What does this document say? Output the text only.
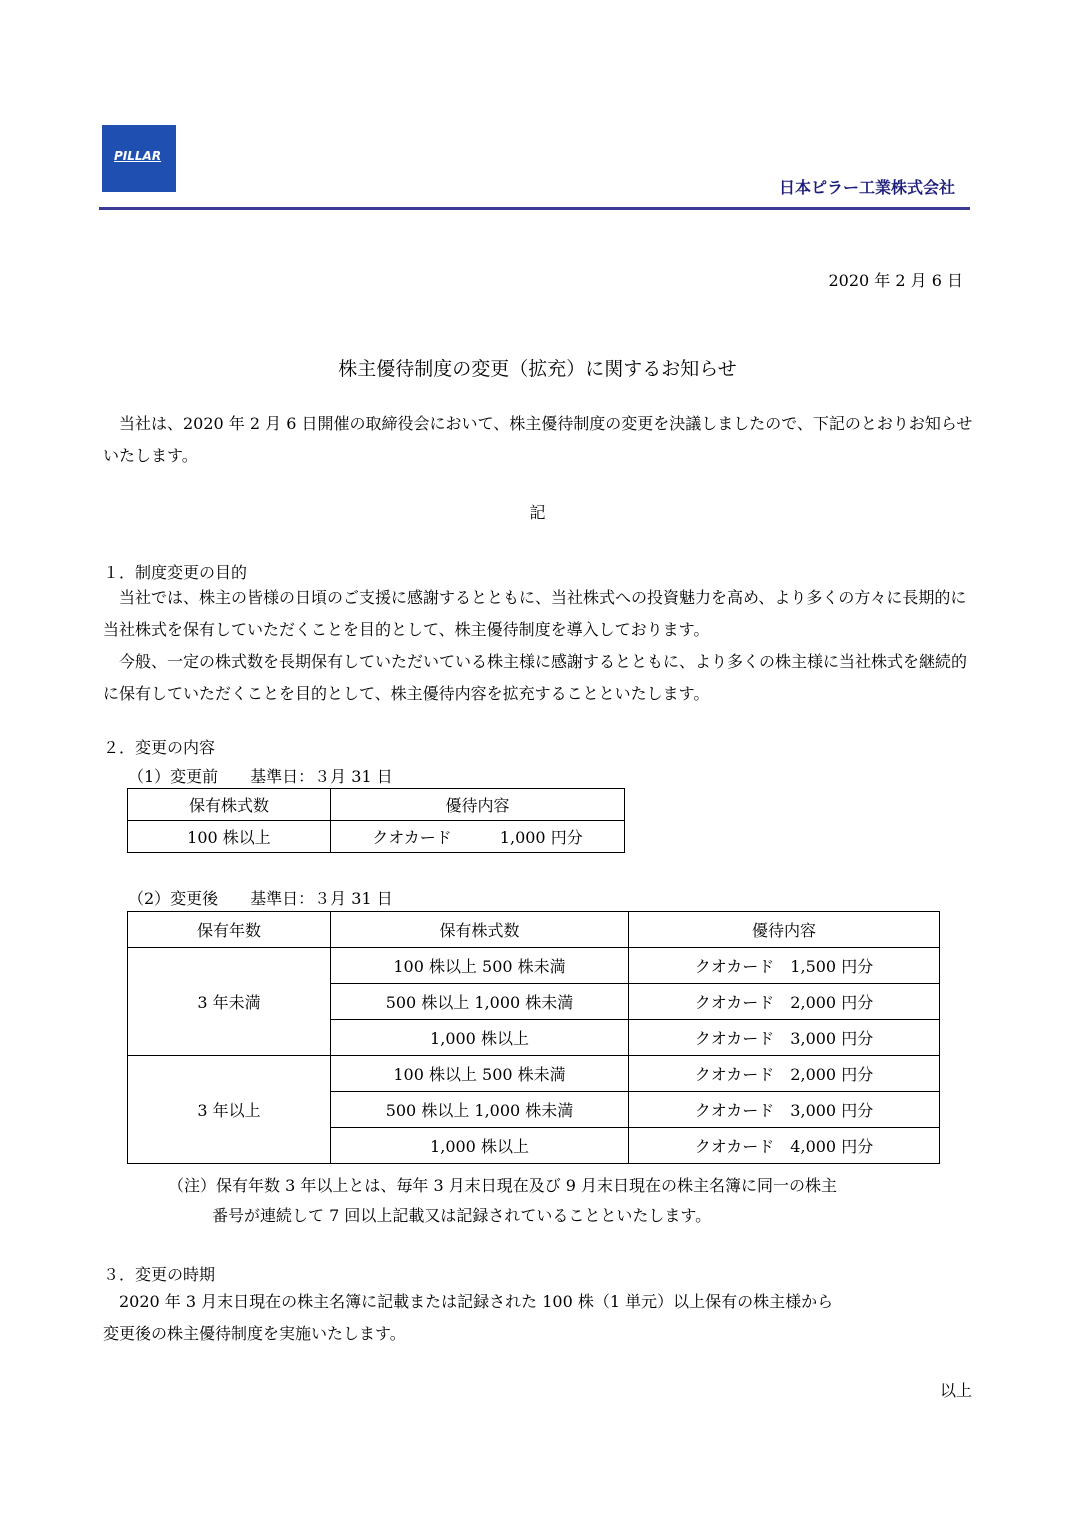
PILLAR
日本ピラー工業株式会社
2020 年 2 月 6 日
株主優待制度の変更（拡充）に関するお知らせ

当社は、2020 年 2 月 6 日開催の取締役会において、株主優待制度の変更を決議しましたので、下記のとおりお知らせいたします。

記
１．制度変更の目的

当社では、株主の皆様の日頃のご支援に感謝するとともに、当社株式への投資魅力を高め、より多くの方々に長期的に当社株式を保有していただくことを目的として、株主優待制度を導入しております。

今般、一定の株式数を長期保有していただいている株主様に感謝するとともに、より多くの株主様に当社株式を継続的に保有していただくことを目的として、株主優待内容を拡充することといたします。

２．変更の内容
（1）変更前　　基準日：３月 31 日
保有株式数	優待内容
100 株以上	クオカード　　　1,000 円分
（2）変更後　　基準日：３月 31 日
保有年数	保有株式数	優待内容
3 年未満	100 株以上 500 株未満	クオカード　1,500 円分
	500 株以上 1,000 株未満	クオカード　2,000 円分
	1,000 株以上	クオカード　3,000 円分
3 年以上	100 株以上 500 株未満	クオカード　2,000 円分
	500 株以上 1,000 株未満	クオカード　3,000 円分
	1,000 株以上	クオカード　4,000 円分
（注）保有年数 3 年以上とは、毎年 3 月末日現在及び 9 月末日現在の株主名簿に同一の株主
番号が連続して 7 回以上記載又は記録されていることといたします。
３．変更の時期

2020 年 3 月末日現在の株主名簿に記載または記録された 100 株（1 単元）以上保有の株主様から

変更後の株主優待制度を実施いたします。

以上
